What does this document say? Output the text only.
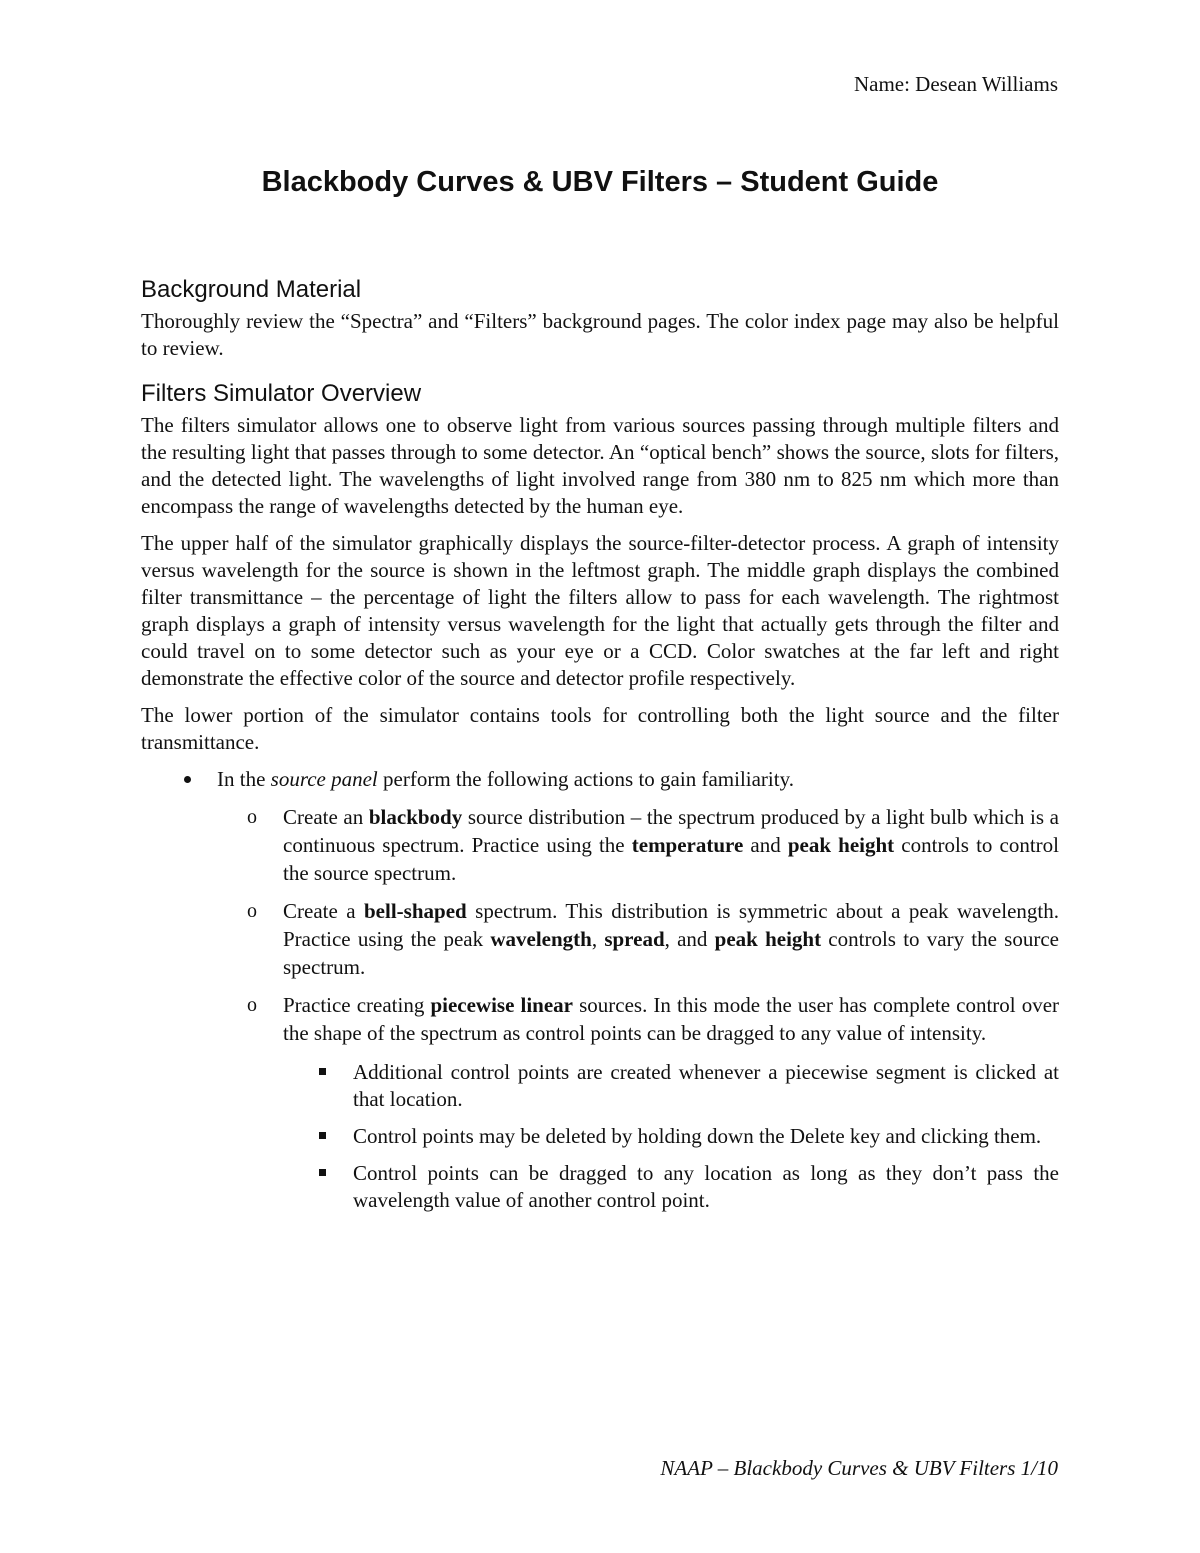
Name: Desean Williams
Blackbody Curves & UBV Filters – Student Guide
Background Material

Thoroughly review the “Spectra” and “Filters” background pages. The color index page may also be helpful to review.

Filters Simulator Overview

The filters simulator allows one to observe light from various sources passing through multiple filters and the resulting light that passes through to some detector. An “optical bench” shows the source, slots for filters, and the detected light. The wavelengths of light involved range from 380 nm to 825 nm which more than encompass the range of wavelengths detected by the human eye.

The upper half of the simulator graphically displays the source-filter-detector process. A graph of intensity versus wavelength for the source is shown in the leftmost graph. The middle graph displays the combined filter transmittance – the percentage of light the filters allow to pass for each wavelength. The rightmost graph displays a graph of intensity versus wavelength for the light that actually gets through the filter and could travel on to some detector such as your eye or a CCD. Color swatches at the far left and right demonstrate the effective color of the source and detector profile respectively.

The lower portion of the simulator contains tools for controlling both the light source and the filter transmittance.

In the source panel perform the following actions to gain familiarity.
o Create an blackbody source distribution – the spectrum produced by a light bulb which is a continuous spectrum. Practice using the temperature and peak height controls to control the source spectrum.
o Create a bell-shaped spectrum. This distribution is symmetric about a peak wavelength. Practice using the peak wavelength, spread, and peak height controls to vary the source spectrum.
o Practice creating piecewise linear sources. In this mode the user has complete control over the shape of the spectrum as control points can be dragged to any value of intensity.
Additional control points are created whenever a piecewise segment is clicked at that location.
Control points may be deleted by holding down the Delete key and clicking them.
Control points can be dragged to any location as long as they don’t pass the wavelength value of another control point.
NAAP – Blackbody Curves & UBV Filters 1/10
